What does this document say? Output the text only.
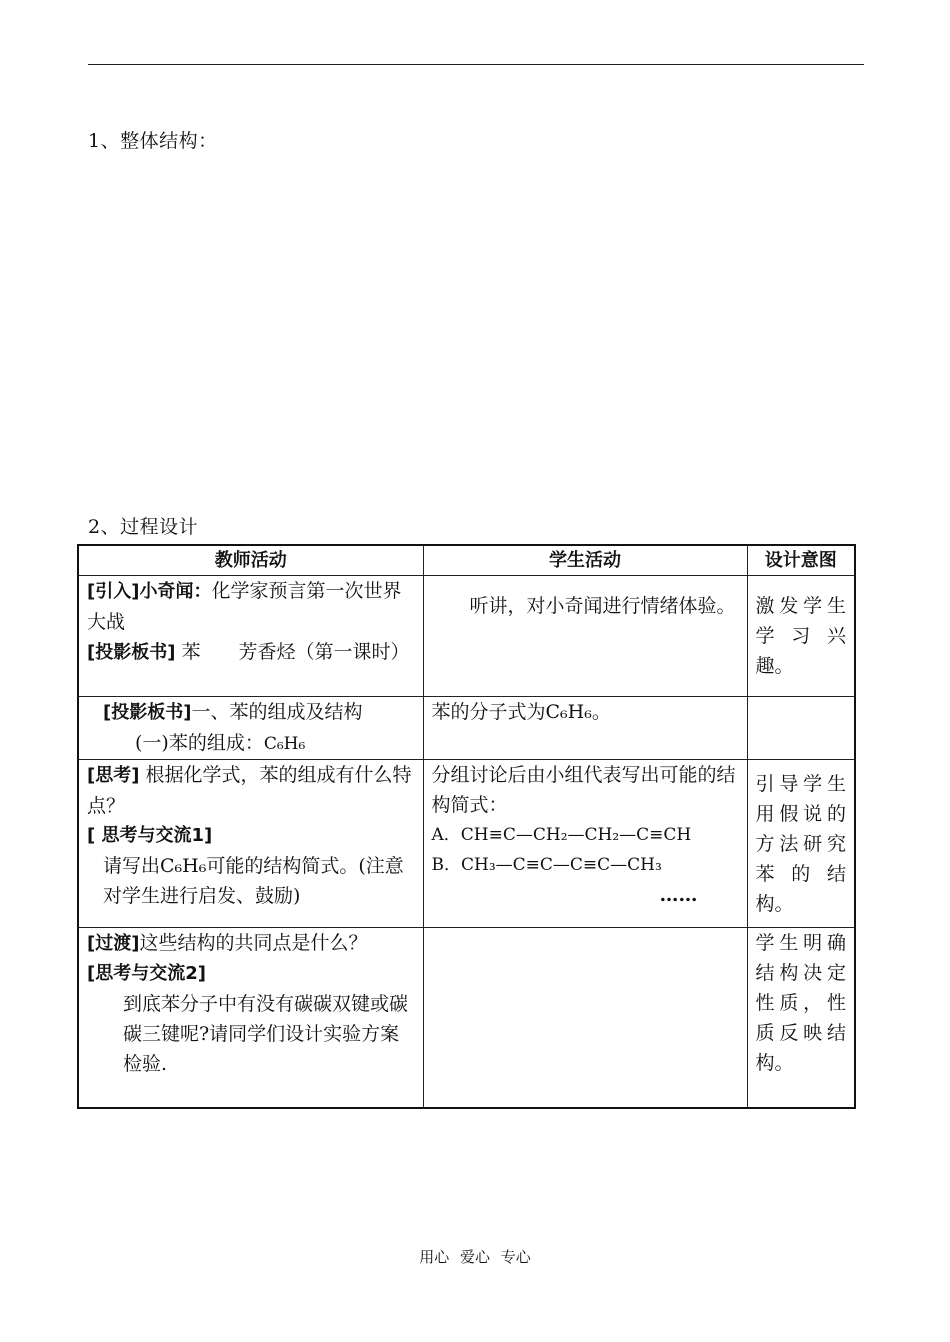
1、整体结构：
2、过程设计
教师活动	学生活动	设计意图
[引入]小奇闻：化学家预言第一次世界大战
[投影板书] 苯　　芳香烃（第一课时）	　　听讲，对小奇闻进行情绪体验。	激发学生学 习 兴趣。

[投影板书]一、苯的组成及结构
(一)苯的组成：C₆H₆	苯的分子式为C₆H₆。	
[思考] 根据化学式，苯的组成有什么特点？

[ 思考与交流1]
请写出C₆H₆可能的结构简式。(注意对学生进行启发、鼓励)	分组讨论后由小组代表写出可能的结构简式：
A．CH≡C—CH₂—CH₂—C≡CH
B．CH₃—C≡C—C≡C—CH₃
……	引导学生用假说的方法研究苯 的 结构。
[过渡]这些结构的共同点是什么？

[思考与交流2]
到底苯分子中有没有碳碳双键或碳碳三键呢?请同学们设计实验方案检验.		学生明确结构决定性质，性质反映结构。
用心 爱心 专心
